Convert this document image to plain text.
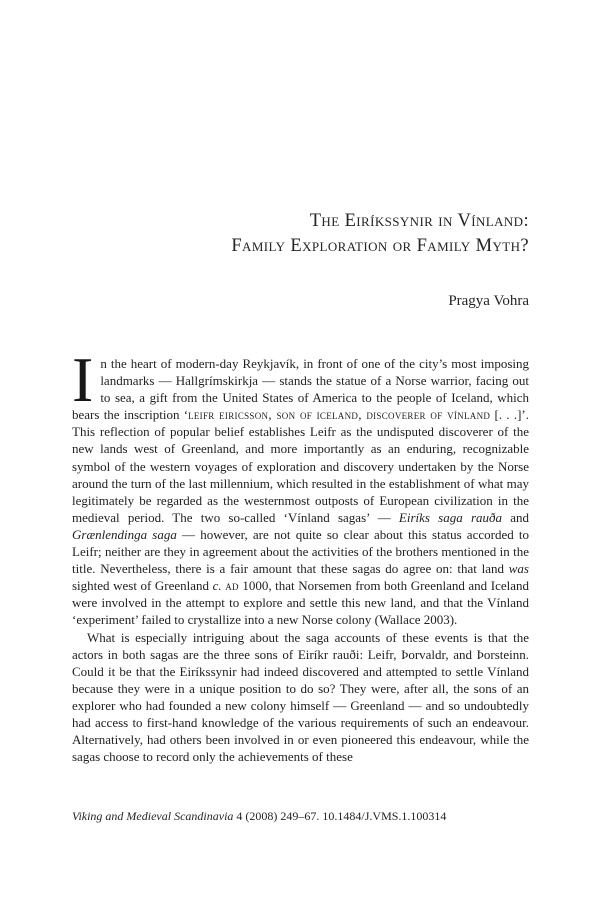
The Eiríkssynir in Vínland:
Family Exploration or Family Myth?
Pragya Vohra

In the heart of modern-day Reykjavík, in front of one of the city’s most imposing landmarks — Hallgrímskirkja — stands the statue of a Norse warrior, facing out to sea, a gift from the United States of America to the people of Iceland, which bears the inscription ‘leifr eiricsson, son of iceland, discoverer of vínland [. . .]’. This reflection of popular belief establishes Leifr as the undisputed discoverer of the new lands west of Greenland, and more importantly as an enduring, recognizable symbol of the western voyages of exploration and discovery undertaken by the Norse around the turn of the last millennium, which resulted in the establishment of what may legitimately be regarded as the westernmost outposts of European civilization in the medieval period. The two so-called ‘Vínland sagas’ — Eiríks saga rauða and Grænlendinga saga — however, are not quite so clear about this status accorded to Leifr; neither are they in agreement about the activities of the brothers mentioned in the title. Nevertheless, there is a fair amount that these sagas do agree on: that land was sighted west of Greenland c. ad 1000, that Norsemen from both Greenland and Iceland were involved in the attempt to explore and settle this new land, and that the Vínland ‘experiment’ failed to crystallize into a new Norse colony (Wallace 2003).

What is especially intriguing about the saga accounts of these events is that the actors in both sagas are the three sons of Eiríkr rauði: Leifr, Þorvaldr, and Þorsteinn. Could it be that the Eiríkssynir had indeed discovered and attempted to settle Vínland because they were in a unique position to do so? They were, after all, the sons of an explorer who had founded a new colony himself — Greenland — and so undoubtedly had access to first-hand knowledge of the various requirements of such an endeavour. Alternatively, had others been involved in or even pioneered this endeavour, while the sagas choose to record only the achievements of these

Viking and Medieval Scandinavia 4 (2008) 249–67. 10.1484/J.VMS.1.100314
